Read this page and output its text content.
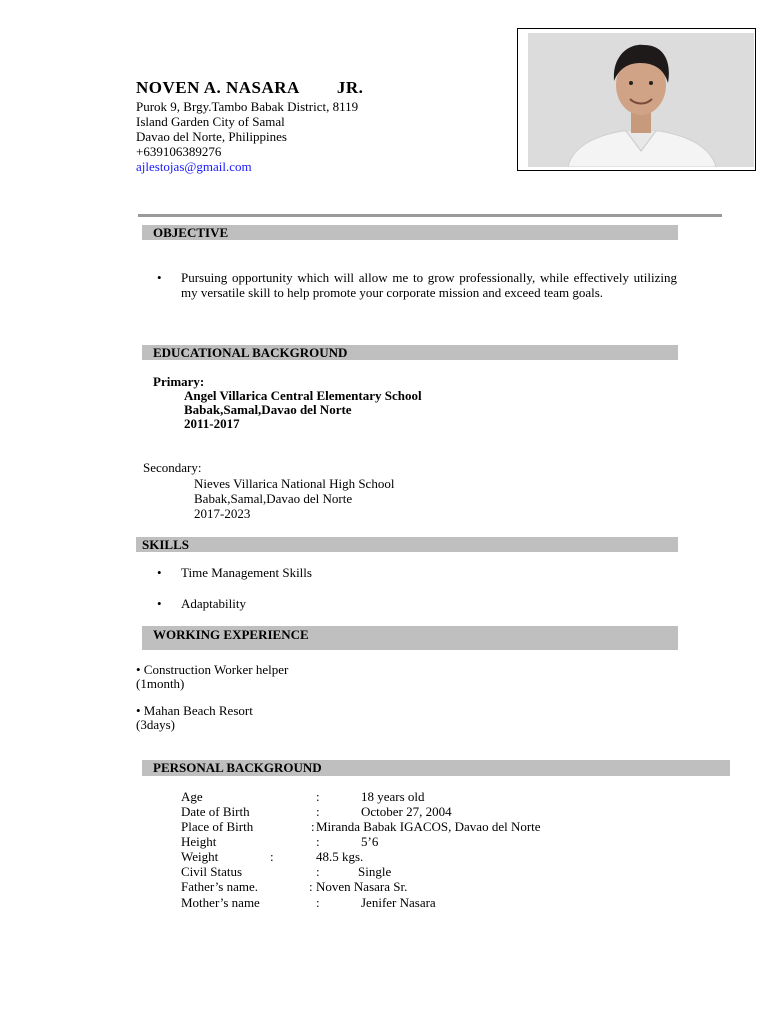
NOVEN A. NASARA JR.
Purok 9, Brgy.Tambo Babak District, 8119
Island Garden City of Samal
Davao del Norte, Philippines
+639106389276
ajlestojas@gmail.com
OBJECTIVE
• Pursuing opportunity which will allow me to grow professionally, while effectively utilizing my versatile skill to help promote your corporate mission and exceed team goals.
EDUCATIONAL BACKGROUND
Primary:
Angel Villarica Central Elementary School
Babak,Samal,Davao del Norte
2011-2017
Secondary:
Nieves Villarica National High School
Babak,Samal,Davao del Norte
2017-2023
SKILLS
• Time Management Skills
• Adaptability
WORKING EXPERIENCE
• Construction Worker helper
(1month)
• Mahan Beach Resort
(3days)
PERSONAL BACKGROUND
Age	:	18 years old
Date of Birth	:	October 27, 2004
Place of Birth	: Miranda Babak IGACOS, Davao del Norte
Height	:	5’6
Weight	:	48.5 kgs.
Civil Status	:	Single
Father’s name.	: Noven Nasara Sr.
Mother’s name	:	Jenifer Nasara
